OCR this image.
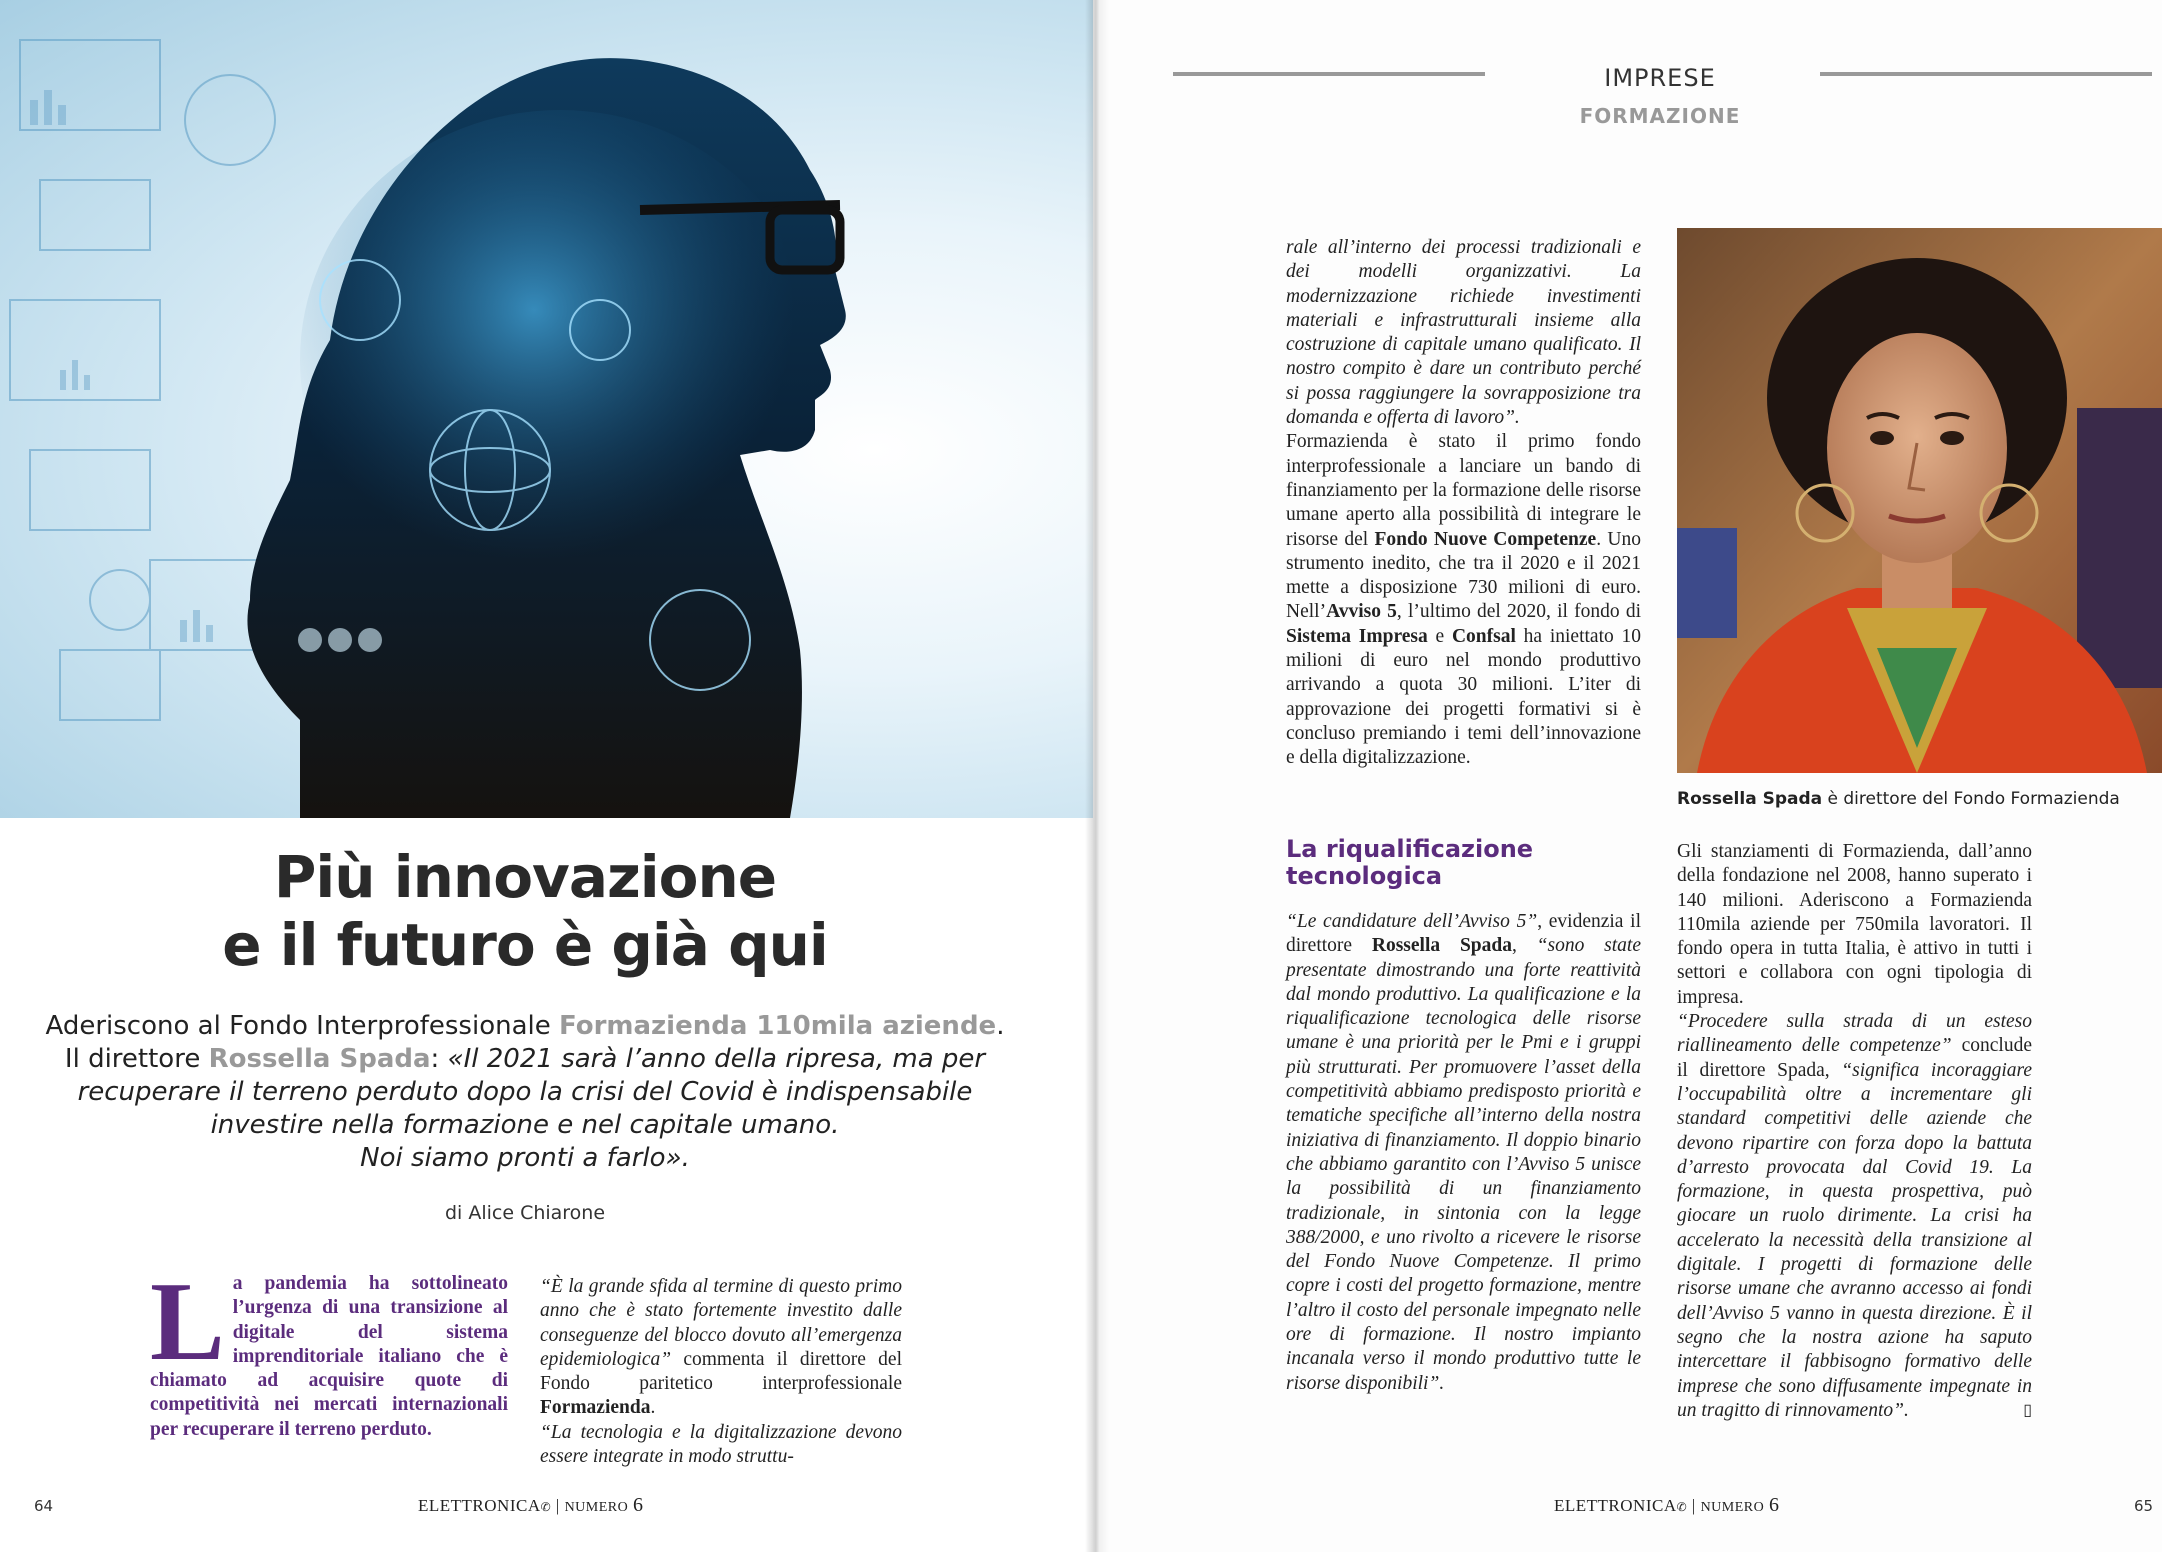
Più innovazione
e il futuro è già qui
Aderiscono al Fondo Interprofessionale Formazienda 110mila aziende.
Il direttore Rossella Spada: «Il 2021 sarà l’anno della ripresa, ma per
recuperare il terreno perduto dopo la crisi del Covid è indispensabile
investire nella formazione e nel capitale umano.
Noi siamo pronti a farlo».
di Alice Chiarone
La pandemia ha sottolineato l’urgenza di una transizione al digitale del sistema imprenditoriale italiano che è chiamato ad acquisire quote di competitività nei mercati internazionali per recuperare il terreno perduto.

“È la grande sfida al termine di questo primo anno che è stato fortemente investito dalle conseguenze del blocco dovuto all’emergenza epidemiologica” commenta il direttore del Fondo paritetico interprofessionale Formazienda.

“La tecnologia e la digitalizzazione devono essere integrate in modo struttu-

64	ELETTRONICA✆ | NUMERO 6
IMPRESE
FORMAZIONE

rale all’interno dei processi tradizionali e dei modelli organizzativi. La modernizzazione richiede investimenti materiali e infrastrutturali insieme alla costruzione di capitale umano qualificato. Il nostro compito è dare un contributo perché si possa raggiungere la sovrapposizione tra domanda e offerta di lavoro”.

Formazienda è stato il primo fondo interprofessionale a lanciare un bando di finanziamento per la formazione delle risorse umane aperto alla possibilità di integrare le risorse del Fondo Nuove Competenze. Uno strumento inedito, che tra il 2020 e il 2021 mette a disposizione 730 milioni di euro. Nell’Avviso 5, l’ultimo del 2020, il fondo di Sistema Impresa e Confsal ha iniettato 10 milioni di euro nel mondo produttivo arrivando a quota 30 milioni. L’iter di approvazione dei progetti formativi si è concluso premiando i temi dell’innovazione e della digitalizzazione.

La riqualificazione
tecnologica

“Le candidature dell’Avviso 5”, evidenzia il direttore Rossella Spada, “sono state presentate dimostrando una forte reattività dal mondo produttivo. La qualificazione e la riqualificazione tecnologica delle risorse umane è una priorità per le Pmi e i gruppi più strutturati. Per promuovere l’asset della competitività abbiamo predisposto priorità e tematiche specifiche all’interno della nostra iniziativa di finanziamento. Il doppio binario che abbiamo garantito con l’Avviso 5 unisce la possibilità di un finanziamento tradizionale, in sintonia con la legge 388/2000, e uno rivolto a ricevere le risorse del Fondo Nuove Competenze. Il primo copre i costi del progetto formazione, mentre l’altro il costo del personale impegnato nelle ore di formazione. Il nostro impianto incanala verso il mondo produttivo tutte le risorse disponibili”.

Rossella Spada è direttore del Fondo Formazienda

Gli stanziamenti di Formazienda, dall’anno della fondazione nel 2008, hanno superato i 140 milioni. Aderiscono a Formazienda 110mila aziende per 750mila lavoratori. Il fondo opera in tutta Italia, è attivo in tutti i settori e collabora con ogni tipologia di impresa.

“Procedere sulla strada di un esteso riallineamento delle competenze” conclude il direttore Spada, “significa incoraggiare l’occupabilità oltre a incrementare gli standard competitivi delle aziende che devono ripartire con forza dopo la battuta d’arresto provocata dal Covid 19. La formazione, in questa prospettiva, può giocare un ruolo dirimente. La crisi ha accelerato la necessità della transizione al digitale. I progetti di formazione delle risorse umane che avranno accesso ai fondi dell’Avviso 5 vanno in questa direzione. È il segno che la nostra azione ha saputo intercettare il fabbisogno formativo delle imprese che sono diffusamente impegnate in un tragitto di rinnovamento”.	▯

ELETTRONICA✆ | NUMERO 6	65
